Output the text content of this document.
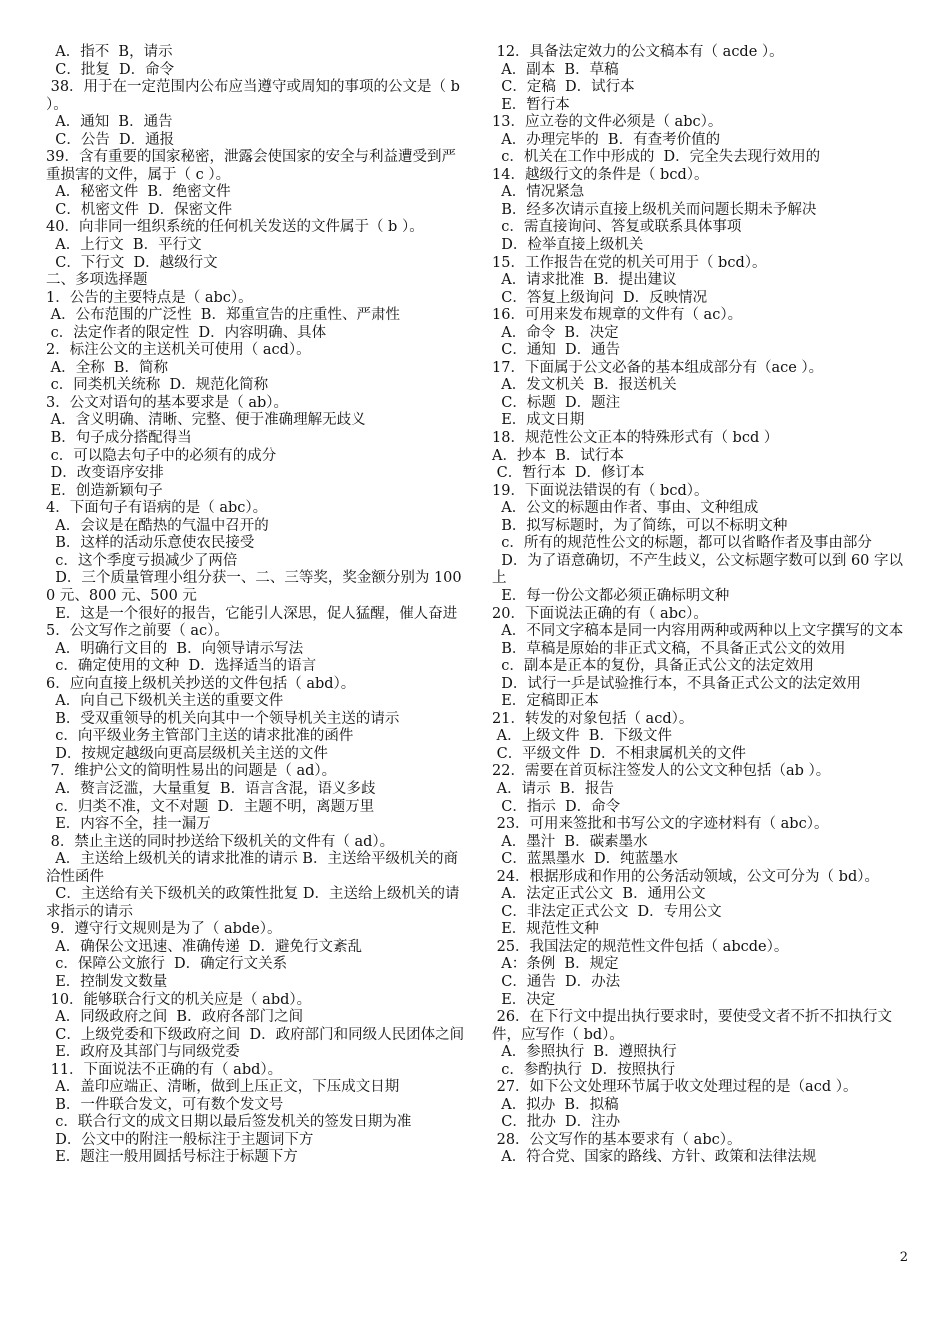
A．指不  B，请示
C．批复  D．命令
38．用于在一定范围内公布应当遵守或周知的事项的公文是（ b ）。
A．通知  B．通告
C．公告  D．通报
39．含有重要的国家秘密，泄露会使国家的安全与利益遭受到严重损害的文件，属于（ c ）。
A．秘密文件  B．绝密文件
C．机密文件  D．保密文件
40．向非同一组织系统的任何机关发送的文件属于（ b ）。
A．上行文  B．平行文
C．下行文  D．越级行文
二、多项选择题
1．公告的主要特点是（ abc）。
A．公布范围的广泛性  B．郑重宣告的庄重性、严肃性
c．法定作者的限定性  D．内容明确、具体
2．标注公文的主送机关可使用（ acd）。
A．全称  B．简称
c．同类机关统称  D．规范化简称
3．公文对语句的基本要求是（ ab）。
A．含义明确、清晰、完整、便于准确理解无歧义
B．句子成分搭配得当
c．可以隐去句子中的必须有的成分
D．改变语序安排
E．创造新颖句子
4．下面句子有语病的是（ abc）。
A．会议是在酷热的气温中召开的
B．这样的活动乐意使农民接受
c．这个季度亏损减少了两倍
D．三个质量管理小组分获一、二、三等奖，奖金额分别为 1000 元、800 元、500 元
E．这是一个很好的报告，它能引人深思，促人猛醒，催人奋进
5．公文写作之前要（ ac）。
A．明确行文目的  B．向领导请示写法
c．确定使用的文种  D．选择适当的语言
6．应向直接上级机关抄送的文件包括（ abd）。
A．向自己下级机关主送的重要文件
B．受双重领导的机关向其中一个领导机关主送的请示
c．向平级业务主管部门主送的请求批准的函件
D．按规定越级向更高层级机关主送的文件
7．维护公文的简明性易出的问题是（ ad）。
A．赘言泛滥，大量重复  B．语言含混，语义多歧
c．归类不准，文不对题  D．主题不明，离题万里
E．内容不全，挂一漏万
8．禁止主送的同时抄送给下级机关的文件有（ ad）。
A．主送给上级机关的请求批准的请示 B．主送给平级机关的商洽性函件
C．主送给有关下级机关的政策性批复 D．主送给上级机关的请求指示的请示
9．遵守行文规则是为了（ abde）。
A．确保公文迅速、准确传递  D．避免行文紊乱
c．保障公文旅行  D．确定行文关系
E．控制发文数量
10．能够联合行文的机关应是（ abd）。
A．同级政府之间  B．政府各部门之间
C．上级党委和下级政府之间  D．政府部门和同级人民团体之间
E．政府及其部门与同级党委
11．下面说法不正确的有（ abd）。
A．盖印应端正、清晰，做到上压正文，下压成文日期
B．一件联合发文，可有数个发文号
c．联合行文的成文日期以最后签发机关的签发日期为准
D．公文中的附注一般标注于主题词下方
E．题注一般用圆括号标注于标题下方
12．具备法定效力的公文稿本有（ acde ）。
A．副本  B．草稿
C．定稿  D．试行本
E．暂行本
13．应立卷的文件必须是（ abc）。
A．办理完毕的  B．有查考价值的
c．机关在工作中形成的  D．完全失去现行效用的
14．越级行文的条件是（ bcd）。
A．情况紧急
B．经多次请示直接上级机关而问题长期未予解决
c．需直接询问、答复或联系具体事项
D．检举直接上级机关
15．工作报告在党的机关可用于（ bcd）。
A．请求批准  B．提出建议
C．答复上级询问  D．反映情况
16．可用来发布规章的文件有（ ac）。
A．命令  B．决定
C．通知  D．通告
17．下面属于公文必备的基本组成部分有（ace ）。
A．发文机关  B．报送机关
C．标题  D．题注
E．成文日期
18．规范性公文正本的特殊形式有（ bcd ）
A．抄本  B．试行本
C．暂行本  D．修订本
19．下面说法错误的有（ bcd）。
A．公文的标题由作者、事由、文种组成
B．拟写标题时，为了简练，可以不标明文种
c．所有的规范性公文的标题，都可以省略作者及事由部分
D．为了语意确切，不产生歧义，公文标题字数可以到 60 字以上
E．每一份公文都必须正确标明文种
20．下面说法正确的有（ abc）。
A．不同文字稿本是同一内容用两种或两种以上文字撰写的文本
B．草稿是原始的非正式文稿，不具备正式公文的效用
c．副本是正本的复份，具备正式公文的法定效用
D．试行一乒是试验推行本，不具备正式公文的法定效用
E．定稿即正本
21．转发的对象包括（ acd）。
A．上级文件  B．下级文件
C．平级文件  D．不相隶属机关的文件
22．需要在首页标注签发人的公文文种包括（ab ）。
A．请示  B．报告
C．指示  D．命令
23．可用来签批和书写公文的字迹材料有（ abc）。
A．墨汁  B．碳素墨水
C．蓝黑墨水  D．纯蓝墨水
24．根据形成和作用的公务活动领域，公文可分为（ bd）。
A．法定正式公文  B．通用公文
C．非法定正式公文  D．专用公文
E．规范性文种
25．我国法定的规范性文件包括（ abcde）。
A：条例  B．规定
C．通告  D．办法
E．决定
26．在下行文中提出执行要求时，要使受文者不折不扣执行文件，应写作（ bd）。
A．参照执行  B．遵照执行
c．参酌执行  D．按照执行
27．如下公文处理环节属于收文处理过程的是（acd ）。
A．拟办  B．拟稿
C．批办  D．注办
28．公文写作的基本要求有（ abc）。
A．符合党、国家的路线、方针、政策和法律法规
2
